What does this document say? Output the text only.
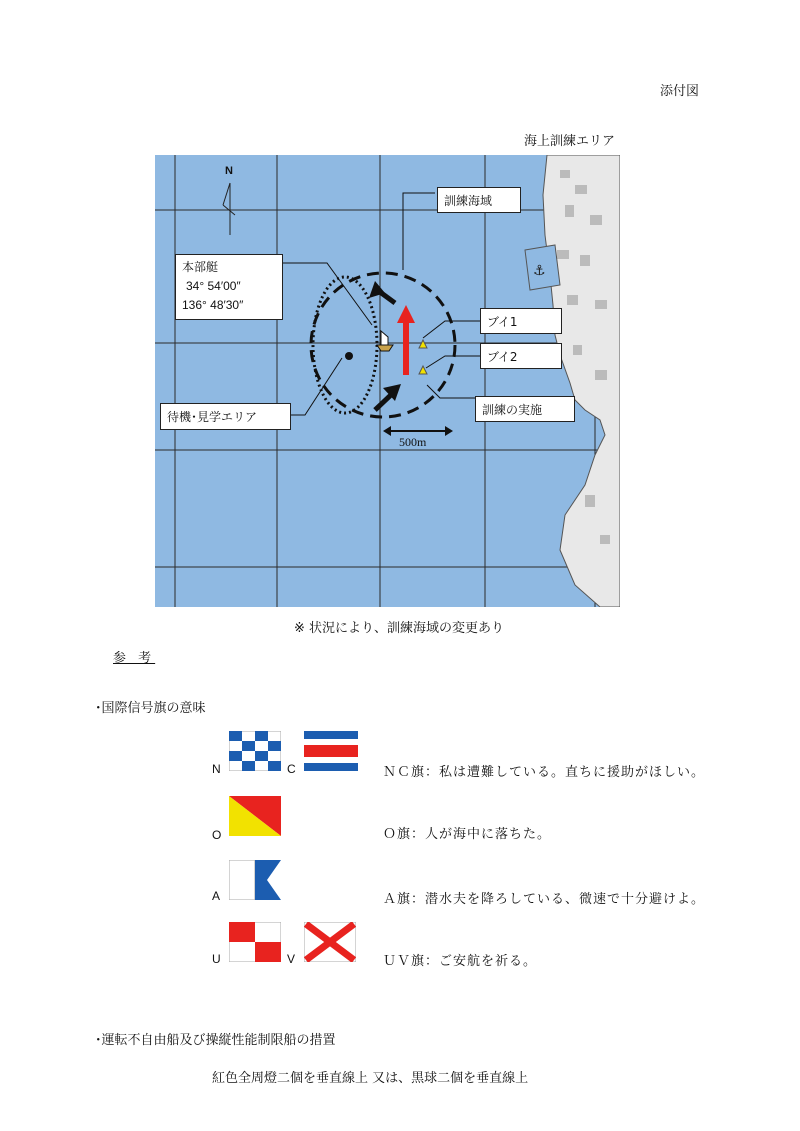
添付図
海上訓練エリア
⚓
N
訓練海域
本部艇
34° 54′00″
136° 48′30″
ブイ1
ブイ2
待機･見学エリア
訓練の実施
500m
※ 状況により、訓練海域の変更あり
参 考
･国際信号旗の意味
N	C	ＮＣ旗：私は遭難している。直ちに援助がほしい。
O	Ｏ旗：人が海中に落ちた。
A	Ａ旗：潜水夫を降ろしている、微速で十分避けよ。
U	V	ＵＶ旗：ご安航を祈る。
･運転不自由船及び操縦性能制限船の措置
紅色全周燈二個を垂直線上 又は、黒球二個を垂直線上
